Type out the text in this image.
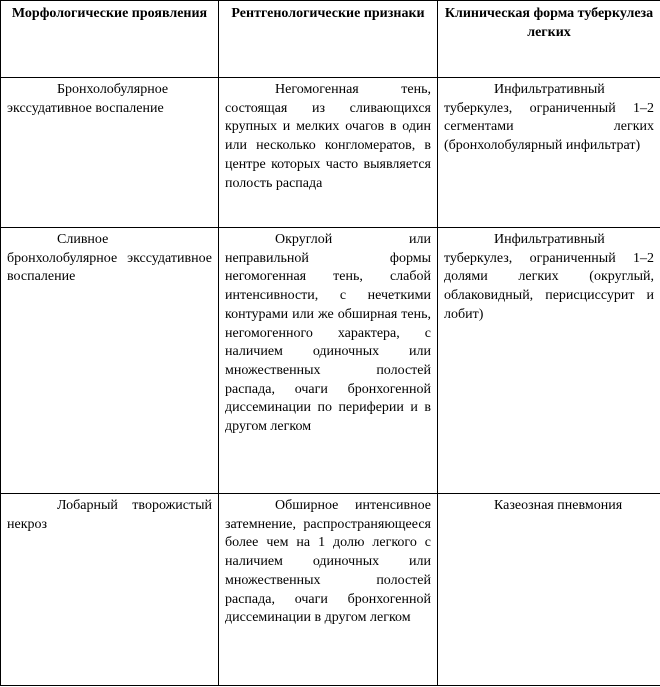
Морфологические проявления	Рентгенологические признаки	Клиническая форма туберкулеза легких
Бронхолобулярное экссудативное воспаление	Негомогенная тень, состоящая из сливающихся крупных и мелких очагов в один или несколько конгломератов, в центре которых часто выявляется полость распада	Инфильтративный туберкулез, ограниченный 1–2 сегментами легких (бронхолобулярный инфильтрат)
Сливное бронхолобулярное экссудативное воспаление	Округлой или неправильной формы негомогенная тень, слабой интенсивности, с нечеткими контурами или же обширная тень, негомогенного характера, с наличием одиночных или множественных полостей распада, очаги бронхогенной диссеминации по периферии и в другом легком	Инфильтративный туберкулез, ограниченный 1–2 долями легких (округлый, облаковидный, перисциссурит и лобит)
Лобарный творожистый некроз	Обширное интенсивное затемнение, распространяющееся более чем на 1 долю легкого с наличием одиночных или множественных полостей распада, очаги бронхогенной диссеминации в другом легком	Казеозная пневмония
